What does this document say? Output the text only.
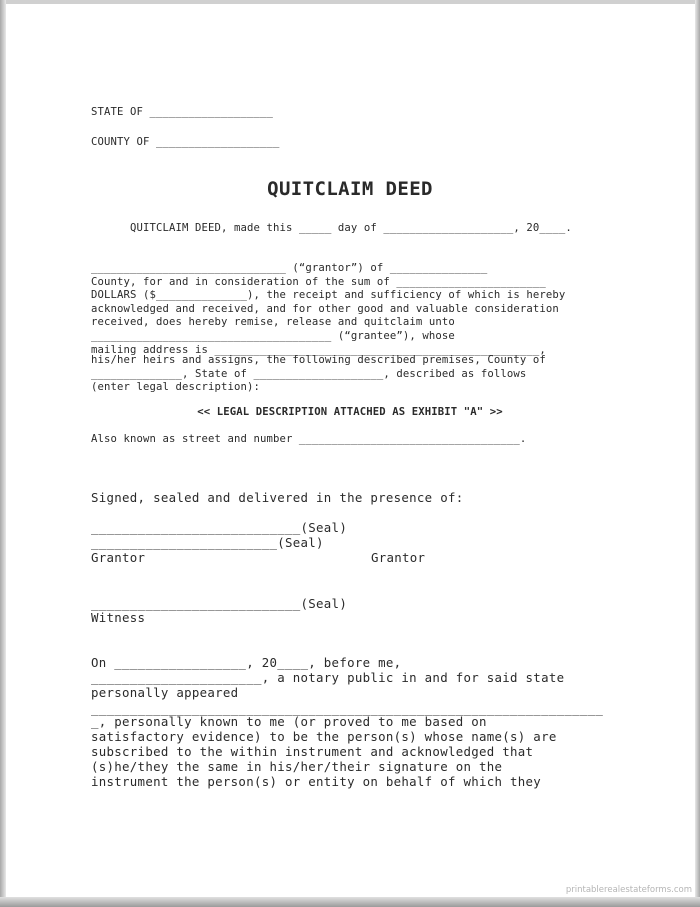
STATE OF ___________________
COUNTY OF ___________________
QUITCLAIM DEED
QUITCLAIM DEED, made this _____ day of ____________________, 20____.
______________________________ (“grantor”) of _______________
County, for and in consideration of the sum of _______________________
DOLLARS ($______________), the receipt and sufficiency of which is hereby
acknowledged and received, and for other good and valuable consideration
received, does hereby remise, release and quitclaim unto
_____________________________________ (“grantee”), whose
mailing address is __________________________________________________,
his/her heirs and assigns, the following described premises, County of
______________, State of ____________________, described as follows
(enter legal description):
<< LEGAL DESCRIPTION ATTACHED AS EXHIBIT "A" >>
Also known as street and number __________________________________.
Signed, sealed and delivered in the presence of:
___________________________(Seal)
________________________(Seal)
Grantor	Grantor
___________________________(Seal)
Witness
On _________________, 20____, before me,
______________________, a notary public in and for said state
personally appeared
__________________________________________________________________
_, personally known to me (or proved to me based on
satisfactory evidence) to be the person(s) whose name(s) are
subscribed to the within instrument and acknowledged that
(s)he/they the same in his/her/their signature on the
instrument the person(s) or entity on behalf of which they
printablerealestateforms.com
